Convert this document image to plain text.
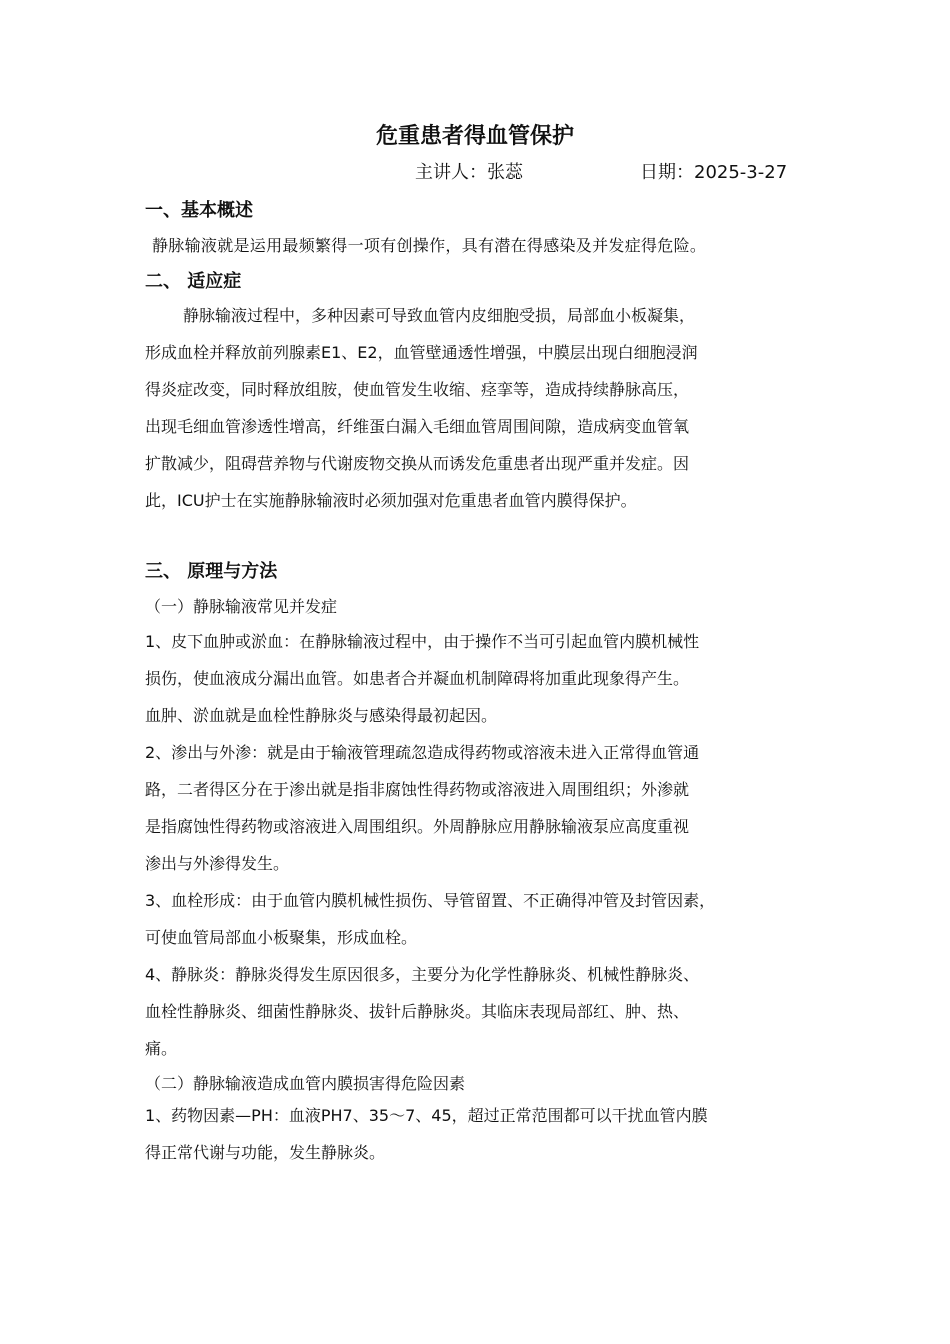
危重患者得血管保护
主讲人：张蕊	日期：2025-3-27
一、基本概述
静脉输液就是运用最频繁得一项有创操作，具有潜在得感染及并发症得危险。
二、 适应症
静脉输液过程中，多种因素可导致血管内皮细胞受损，局部血小板凝集，
形成血栓并释放前列腺素E1、E2，血管壁通透性增强，中膜层出现白细胞浸润
得炎症改变，同时释放组胺，使血管发生收缩、痉挛等，造成持续静脉高压，
出现毛细血管渗透性增高，纤维蛋白漏入毛细血管周围间隙，造成病变血管氧
扩散减少，阻碍营养物与代谢废物交换从而诱发危重患者出现严重并发症。因
此，ICU护士在实施静脉输液时必须加强对危重患者血管内膜得保护。
三、 原理与方法
（一）静脉输液常见并发症
1、皮下血肿或淤血：在静脉输液过程中，由于操作不当可引起血管内膜机械性
损伤，使血液成分漏出血管。如患者合并凝血机制障碍将加重此现象得产生。
血肿、淤血就是血栓性静脉炎与感染得最初起因。
2、渗出与外渗：就是由于输液管理疏忽造成得药物或溶液未进入正常得血管通
路，二者得区分在于渗出就是指非腐蚀性得药物或溶液进入周围组织；外渗就
是指腐蚀性得药物或溶液进入周围组织。外周静脉应用静脉输液泵应高度重视
渗出与外渗得发生。
3、血栓形成：由于血管内膜机械性损伤、导管留置、不正确得冲管及封管因素，
可使血管局部血小板聚集，形成血栓。
4、静脉炎：静脉炎得发生原因很多，主要分为化学性静脉炎、机械性静脉炎、
血栓性静脉炎、细菌性静脉炎、拔针后静脉炎。其临床表现局部红、肿、热、
痛。
（二）静脉输液造成血管内膜损害得危险因素
1、药物因素—PH：血液PH7、35～7、45，超过正常范围都可以干扰血管内膜
得正常代谢与功能，发生静脉炎。
